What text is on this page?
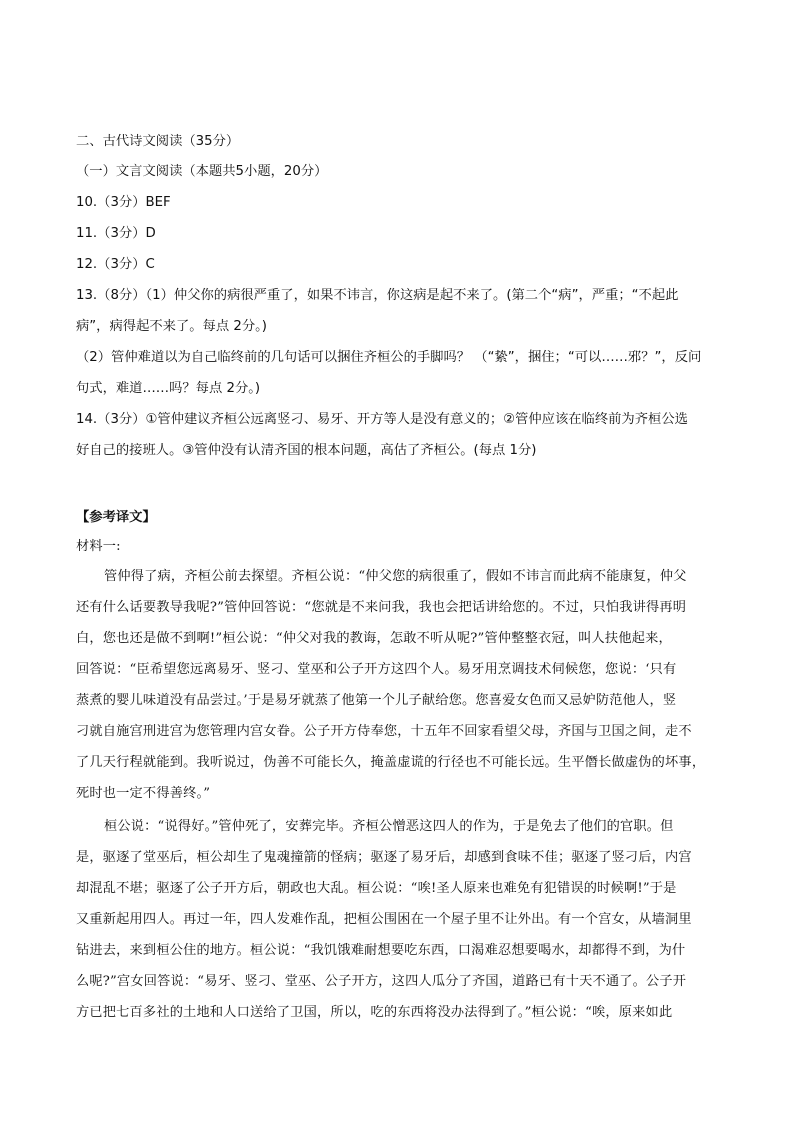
二、古代诗文阅读（35分）
（一）文言文阅读（本题共5小题，20分）
10.（3分）BEF
11.（3分）D
12.（3分）C
13.（8分）（1）仲父你的病很严重了，如果不讳言，你这病是起不来了。(第二个“病”，严重；“不起此
病”，病得起不来了。每点 2分。)
（2）管仲难道以为自己临终前的几句话可以捆住齐桓公的手脚吗？ （“絷”，捆住；“可以……邪？”，反问
句式，难道……吗？每点 2分。)
14.（3分）①管仲建议齐桓公远离竖刁、易牙、开方等人是没有意义的；②管仲应该在临终前为齐桓公选
好自己的接班人。③管仲没有认清齐国的根本问题，高估了齐桓公。(每点 1分)
【参考译文】
材料一:
管仲得了病，齐桓公前去探望。齐桓公说：“仲父您的病很重了，假如不讳言而此病不能康复，仲父
还有什么话要教导我呢?”管仲回答说：“您就是不来问我，我也会把话讲给您的。不过，只怕我讲得再明
白，您也还是做不到啊!”桓公说：“仲父对我的教诲，怎敢不听从呢?”管仲整整衣冠，叫人扶他起来，
回答说：“臣希望您远离易牙、竖刁、堂巫和公子开方这四个人。易牙用烹调技术伺候您，您说：‘只有
蒸煮的婴儿味道没有品尝过。’于是易牙就蒸了他第一个儿子献给您。您喜爱女色而又忌妒防范他人，竖
刁就自施宫刑进宫为您管理内宫女眷。公子开方侍奉您，十五年不回家看望父母，齐国与卫国之间，走不
了几天行程就能到。我听说过，伪善不可能长久，掩盖虚谎的行径也不可能长远。生平僭长做虚伪的坏事，
死时也一定不得善终。”
桓公说：“说得好。”管仲死了，安葬完毕。齐桓公憎恶这四人的作为，于是免去了他们的官职。但
是，驱逐了堂巫后，桓公却生了鬼魂撞箭的怪病；驱逐了易牙后，却感到食味不佳；驱逐了竖刁后，内宫
却混乱不堪；驱逐了公子开方后，朝政也大乱。桓公说：“唉!圣人原来也难免有犯错误的时候啊!”于是
又重新起用四人。再过一年，四人发难作乱，把桓公围困在一个屋子里不让外出。有一个宫女，从墙洞里
钻进去，来到桓公住的地方。桓公说：“我饥饿难耐想要吃东西，口渴难忍想要喝水，却都得不到，为什
么呢?”宫女回答说：“易牙、竖刁、堂巫、公子开方，这四人瓜分了齐国，道路已有十天不通了。公子开
方已把七百多社的土地和人口送给了卫国，所以，吃的东西将没办法得到了。”桓公说：“唉，原来如此
